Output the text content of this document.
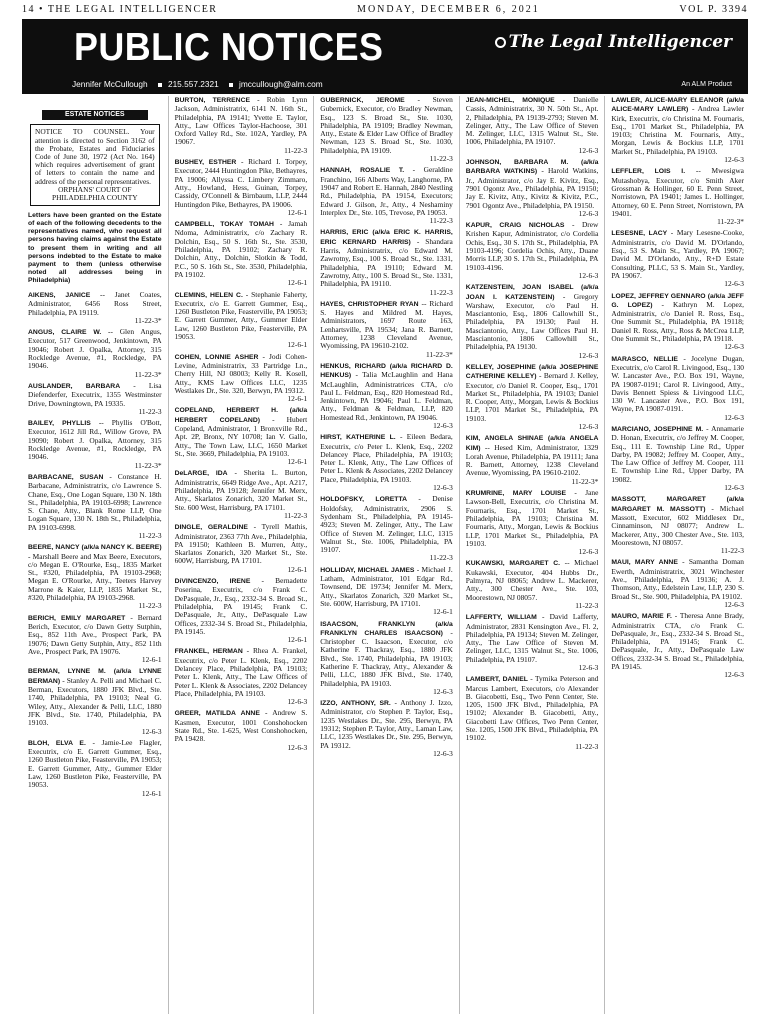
14 • THE LEGAL INTELLIGENCER	MONDAY, DECEMBER 6, 2021	VOL P. 3394
PUBLIC NOTICES	The Legal Intelligencer
Jennifer McCullough 215.557.2321 jmccullough@alm.com	An ALM Product
ESTATE NOTICES
NOTICE TO COUNSEL. Your attention is directed to Section 3162 of the Probate, Estates and Fiduciaries Code of June 30, 1972 (Act No. 164) which requires advertisement of grant of letters to contain the name and address of the personal representatives.
ORPHANS' COURT OF PHILADELPHIA COUNTY
Letters have been granted on the Estate of each of the following decedents to the representatives named, who request all persons having claims against the Estate to present them in writing and all persons indebted to the Estate to make payment to them (unless otherwise noted all addresses being in Philadelphia)
AIKENS, JANICE -- Janet Coates, Administrator, 6456 Ross Street, Philadelphia, PA 19119.
11-22-3*
ANGUS, CLAIRE W. -- Glen Angus, Executor, 517 Greenwood, Jenkintown, PA 19046; Robert J. Opalka, Attorney, 315 Rockledge Avenue, #1, Rockledge, PA 19046.
11-22-3*
AUSLANDER, BARBARA - Lisa Diefenderfer, Executrix, 1355 Westminster Drive, Downingtown, PA 19335.
11-22-3
BAILEY, PHYLLIS -- Phyllis O'Bott, Executor, 1612 Jill Rd., Willow Grove, PA 19090; Robert J. Opalka, Attorney, 315 Rockledge Avenue, #1, Rockledge, PA 19046.
11-22-3*
BARBACANE, SUSAN - Constance H. Barbacane, Administratrix, c/o Lawrence S. Chane, Esq., One Logan Square, 130 N. 18th St., Philadelphia, PA 19103-6998; Lawrence S. Chane, Atty., Blank Rome LLP, One Logan Square, 130 N. 18th St., Philadelphia, PA 19103-6998.
11-22-3
BEERE, NANCY (a/k/a NANCY K. BEERE) - Marshall Beere and Max Beere, Executors, c/o Megan E. O'Rourke, Esq., 1835 Market St., #320, Philadelphia, PA 19103-2968; Megan E. O'Rourke, Atty., Teeters Harvey Marrone & Kaier, LLP, 1835 Market St., #320, Philadelphia, PA 19103-2968.
11-22-3
BERICH, EMILY MARGARET - Bernard Berich, Executor, c/o Dawn Getty Sutphin, Esq., 852 11th Ave., Prospect Park, PA 19076; Dawn Getty Sutphin, Atty., 852 11th Ave., Prospect Park, PA 19076.
12-6-1
BERMAN, LYNNE M. (a/k/a LYNNE BERMAN) - Stanley A. Pelli and Michael C. Berman, Executors, 1880 JFK Blvd., Ste. 1740, Philadelphia, PA 19103; Neal G. Wiley, Atty., Alexander & Pelli, LLC, 1880 JFK Blvd., Ste. 1740, Philadelphia, PA 19103.
12-6-3
BLOH, ELVA E. - Jamie-Lee Flagler, Executrix, c/o E. Garrett Gummer, Esq., 1260 Bustleton Pike, Feasterville, PA 19053; E. Garrett Gummer, Atty., Gummer Elder Law, 1260 Bustleton Pike, Feasterville, PA 19053.
12-6-1
BURTON, TERRENCE - Robin Lynn Jackson, Administratrix, 6141 N. 16th St., Philadelphia, PA 19141; Yvette E. Taylor, Atty., Law Offices Taylor-Hachoose, 301 Oxford Valley Rd., Ste. 102A, Yardley, PA 19067.
11-22-3
BUSHEY, ESTHER - Richard I. Torpey, Executor, 2444 Huntingdon Pike, Bethayres, PA 19006; Allyssa C. Limbery Zimmaro, Atty., Howland, Hess, Guinan, Torpey, Cassidy, O'Connell & Birnbaum, LLP, 2444 Huntingdon Pike, Bethayres, PA 19006.
12-6-1
CAMPBELL, TOKAY TOMAH - Jamah Ndoma, Administratrix, c/o Zachary R. Dolchin, Esq., 50 S. 16th St., Ste. 3530, Philadelphia, PA 19102; Zachary R. Dolchin, Atty., Dolchin, Slotkin & Todd, P.C., 50 S. 16th St., Ste. 3530, Philadelphia, PA 19102.
12-6-1
CLEMINS, HELEN C. - Stephanie Faherty, Executrix, c/o E. Garrett Gummer, Esq., 1260 Bustleton Pike, Feasterville, PA 19053; E. Garrett Gummer, Atty., Gummer Elder Law, 1260 Bustleton Pike, Feasterville, PA 19053.
12-6-1
COHEN, LONNIE ASHER - Jodi Cohen-Levine, Administratrix, 33 Partridge Ln., Cherry Hill, NJ 08003; Kelly R. Kosell, Atty., KMS Law Offices LLC, 1235 Westlakes Dr., Ste. 320, Berwyn, PA 19312.
12-6-1
COPELAND, HERBERT H. (a/k/a HERBERT COPELAND) - Hubert Copeland, Administrator, 1 Bronxville Rd., Apt. 2P, Bronx, NY 10708; Ian V. Gallo, Atty., The Town Law, LLC, 1650 Market St., Ste. 3669, Philadelphia, PA 19103.
12-6-1
DeLARGE, IDA - Sherita L. Burton, Administratrix, 6649 Ridge Ave., Apt. A217, Philadelphia, PA 19128; Jennifer M. Merx, Atty., Skarlatos Zonarich, 320 Market St., Ste. 600 West, Harrisburg, PA 17101.
11-22-3
DINGLE, GERALDINE - Tyrell Mathis, Administrator, 2363 77th Ave., Philadelphia, PA 19150; Kathleen B. Murren, Atty., Skarlatos Zonarich, 320 Market St., Ste. 600W, Harrisburg, PA 17101.
12-6-1
DiVINCENZO, IRENE - Bernadette Poserina, Executrix, c/o Frank C. DePasquale, Jr., Esq., 2332-34 S. Broad St., Philadelphia, PA 19145; Frank C. DePasquale, Jr., Atty., DePasquale Law Offices, 2332-34 S. Broad St., Philadelphia, PA 19145.
12-6-1
FRANKEL, HERMAN - Rhea A. Frankel, Executrix, c/o Peter L. Klenk, Esq., 2202 Delancey Place, Philadelphia, PA 19103; Peter L. Klenk, Atty., The Law Offices of Peter L. Klenk & Associates, 2202 Delancey Place, Philadelphia, PA 19103.
12-6-3
GREER, MATILDA ANNE - Andrew S. Kasmen, Executor, 1001 Conshohocken State Rd., Ste. 1-625, West Conshohocken, PA 19428.
12-6-3
GUBERNICK, JEROME - Steven Gubernick, Executor, c/o Bradley Newman, Esq., 123 S. Broad St., Ste. 1030, Philadelphia, PA 19109; Bradley Newman, Atty., Estate & Elder Law Office of Bradley Newman, 123 S. Broad St., Ste. 1030, Philadelphia, PA 19109.
11-22-3
HANNAH, ROSALIE T. - Geraldine Franchino, 166 Alberts Way, Langhorne, PA 19047 and Robert E. Hannah, 2840 Nestling Rd., Philadelphia, PA 19154, Executors; Edward J. Gilson, Jr., Atty., 4 Neshaminy Interplex Dr., Ste. 105, Trevose, PA 19053.
11-22-3
HARRIS, ERIC (a/k/a ERIC K. HARRIS, ERIC KERNARD HARRIS) - Shandara Harris, Administratrix, c/o Edward M. Zawrotny, Esq., 100 S. Broad St., Ste. 1331, Philadelphia, PA 19110; Edward M. Zawrotny, Atty., 100 S. Broad St., Ste. 1331, Philadelphia, PA 19110.
11-22-3
HAYES, CHRISTOPHER RYAN -- Richard S. Hayes and Mildred M. Hayes, Administrators, 1697 Route 163, Lenhartsville, PA 19534; Jana R. Barnett, Attorney, 1238 Cleveland Avenue, Wyomissing, PA 19610-2102.
11-22-3*
HENKUS, RICHARD (a/k/a RICHARD D. HENKUS) - Talia McLaughlin and Hana McLaughlin, Administratrices CTA, c/o Paul L. Feldman, Esq., 820 Homestead Rd., Jenkintown, PA 19046; Paul L. Feldman, Atty., Feldman & Feldman, LLP, 820 Homestead Rd., Jenkintown, PA 19046.
12-6-3
HIRST, KATHERINE L. - Eileen Bedara, Executrix, c/o Peter L. Klenk, Esq., 2202 Delancey Place, Philadelphia, PA 19103; Peter L. Klenk, Atty., The Law Offices of Peter L. Klenk & Associates, 2202 Delancey Place, Philadelphia, PA 19103.
12-6-3
HOLDOFSKY, LORETTA - Denise Holdofsky, Administratrix, 2906 S. Sydenham St., Philadelphia, PA 19145-4923; Steven M. Zelinger, Atty., The Law Office of Steven M. Zelinger, LLC, 1315 Walnut St., Ste. 1006, Philadelphia, PA 19107.
11-22-3
HOLLIDAY, MICHAEL JAMES - Michael J. Latham, Administrator, 101 Edgar Rd., Townsend, DE 19734; Jennifer M. Merx, Atty., Skarlatos Zonarich, 320 Market St., Ste. 600W, Harrisburg, PA 17101.
12-6-1
ISAACSON, FRANKLYN (a/k/a FRANKLYN CHARLES ISAACSON) - Christopher C. Isaacson, Executor, c/o Katherine F. Thackray, Esq., 1880 JFK Blvd., Ste. 1740, Philadelphia, PA 19103; Katherine F. Thackray, Atty., Alexander & Pelli, LLC, 1880 JFK Blvd., Ste. 1740, Philadelphia, PA 19103.
12-6-3
IZZO, ANTHONY, SR. - Anthony J. Izzo, Administrator, c/o Stephen P. Taylor, Esq., 1235 Westlakes Dr., Ste. 295, Berwyn, PA 19312; Stephen P. Taylor, Atty., Laman Law, LLC, 1235 Westlakes Dr., Ste. 295, Berwyn, PA 19312.
12-6-3
JEAN-MICHEL, MONIQUE - Danielle Cassis, Administratrix, 30 N. 50th St., Apt. 2, Philadelphia, PA 19139-2793; Steven M. Zelinger, Atty., The Law Office of Steven M. Zelinger, LLC, 1315 Walnut St., Ste. 1006, Philadelphia, PA 19107.
12-6-3
JOHNSON, BARBARA M. (a/k/a BARBARA WATKINS) - Harold Watkins, Jr., Administrator, c/o Jay E. Kivitz, Esq., 7901 Ogontz Ave., Philadelphia, PA 19150; Jay E. Kivitz, Atty., Kivitz & Kivitz, P.C., 7901 Ogontz Ave., Philadelphia, PA 19150.
12-6-3
KAPUR, CRAIG NICHOLAS - Drew Krishen Kapur, Administrator, c/o Cordelia Ochis, Esq., 30 S. 17th St., Philadelphia, PA 19103-4196; Cordelia Ochis, Atty., Duane Morris LLP, 30 S. 17th St., Philadelphia, PA 19103-4196.
12-6-3
KATZENSTEIN, JOAN ISABEL (a/k/a JOAN I. KATZENSTEIN) - Gregory Warshaw, Executor, c/o Paul H. Masciantonio, Esq., 1806 Callowhill St., Philadelphia, PA 19130; Paul H. Masciantonio, Atty., Law Offices Paul H. Masciantonio, 1806 Callowhill St., Philadelphia, PA 19130.
12-6-3
KELLEY, JOSEPHINE (a/k/a JOSEPHINE CATHERINE KELLEY) - Bernard J. Kelley, Executor, c/o Daniel R. Cooper, Esq., 1701 Market St., Philadelphia, PA 19103; Daniel R. Cooper, Atty., Morgan, Lewis & Bockius LLP, 1701 Market St., Philadelphia, PA 19103.
12-6-3
KIM, ANGELA SHINAE (a/k/a ANGELA KIM) -- Hesed Kim, Administrator, 1329 Lorah Avenue, Philadelphia, PA 19111; Jana R. Barnett, Attorney, 1238 Cleveland Avenue, Wyomissing, PA 19610-2102.
11-22-3*
KRUMRINE, MARY LOUISE - Jane Lawson-Bell, Executrix, c/o Christina M. Fournaris, Esq., 1701 Market St., Philadelphia, PA 19103; Christina M. Fournaris, Atty., Morgan, Lewis & Bockius LLP, 1701 Market St., Philadelphia, PA 19103.
12-6-3
KUKAWSKI, MARGARET C. -- Michael Kukawski, Executor, 404 Hubbs Dr., Palmyra, NJ 08065; Andrew L. Mackerer, Atty., 300 Chester Ave., Ste. 103, Moorestown, NJ 08057.
11-22-3
LAFFERTY, WILLIAM - David Lafferty, Administrator, 2831 Kensington Ave., Fl. 2, Philadelphia, PA 19134; Steven M. Zelinger, Atty., The Law Office of Steven M. Zelinger, LLC, 1315 Walnut St., Ste. 1006, Philadelphia, PA 19107.
12-6-3
LAMBERT, DANIEL - Tymika Peterson and Marcus Lambert, Executors, c/o Alexander B. Giacobetti, Esq., Two Penn Center, Ste. 1205, 1500 JFK Blvd., Philadelphia, PA 19102; Alexander B. Giacobetti, Atty., Giacobetti Law Offices, Two Penn Center, Ste. 1205, 1500 JFK Blvd., Philadelphia, PA 19102.
11-22-3
LAWLER, ALICE-MARY ELEANOR (a/k/a ALICE-MARY LAWLER) - Andrea Lawler Kirk, Executrix, c/o Christina M. Fournaris, Esq., 1701 Market St., Philadelphia, PA 19103; Christina M. Fournaris, Atty., Morgan, Lewis & Bockius LLP, 1701 Market St., Philadelphia, PA 19103.
12-6-3
LEFFLER, LOIS I. -- Mwesigwa Mutashobya, Executor, c/o Smith Aker Grossman & Hollinger, 60 E. Penn Street, Norristown, PA 19401; James L. Hollinger, Attorney, 60 E. Penn Street, Norristown, PA 19401.
11-22-3*
LESESNE, LACY - Mary Lesesne-Cooke, Administratrix, c/o David M. D'Orlando, Esq., 53 S. Main St., Yardley, PA 19067; David M. D'Orlando, Atty., R+D Estate Consulting, PLLC, 53 S. Main St., Yardley, PA 19067.
12-6-3
LOPEZ, JEFFREY GENNARO (a/k/a JEFF G. LOPEZ) - Kathryn M. Lopez, Administratrix, c/o Daniel R. Ross, Esq., One Summit St., Philadelphia, PA 19118; Daniel R. Ross, Atty., Ross & McCrea LLP, One Summit St., Philadelphia, PA 19118.
12-6-3
MARASCO, NELLIE - Jocelyne Dugan, Executrix, c/o Carol R. Livingood, Esq., 130 W. Lancaster Ave., P.O. Box 191, Wayne, PA 19087-0191; Carol R. Livingood, Atty., Davis Bennett Spiess & Livingood LLC, 130 W. Lancaster Ave., P.O. Box 191, Wayne, PA 19087-0191.
12-6-3
MARCIANO, JOSEPHINE M. - Annamarie D. Honan, Executrix, c/o Jeffrey M. Cooper, Esq., 111 E. Township Line Rd., Upper Darby, PA 19082; Jeffrey M. Cooper, Atty., The Law Office of Jeffrey M. Cooper, 111 E. Township Line Rd., Upper Darby, PA 19082.
12-6-3
MASSOTT, MARGARET (a/k/a MARGARET M. MASSOTT) - Michael Massott, Executor, 602 Middlesex Dr., Cinnaminson, NJ 08077; Andrew L. Mackerer, Atty., 300 Chester Ave., Ste. 103, Moorestown, NJ 08057.
11-22-3
MAUI, MARY ANNE - Samantha Doman Ewerth, Administratrix, 3021 Winchester Ave., Philadelphia, PA 19136; A. J. Thomson, Atty., Edelstein Law, LLP, 230 S. Broad St., Ste. 900, Philadelphia, PA 19102.
12-6-3
MAURO, MARIE F. - Theresa Anne Brady, Administratrix CTA, c/o Frank C. DePasquale, Jr., Esq., 2332-34 S. Broad St., Philadelphia, PA 19145; Frank C. DePasquale, Jr., Atty., DePasquale Law Offices, 2332-34 S. Broad St., Philadelphia, PA 19145.
12-6-3
